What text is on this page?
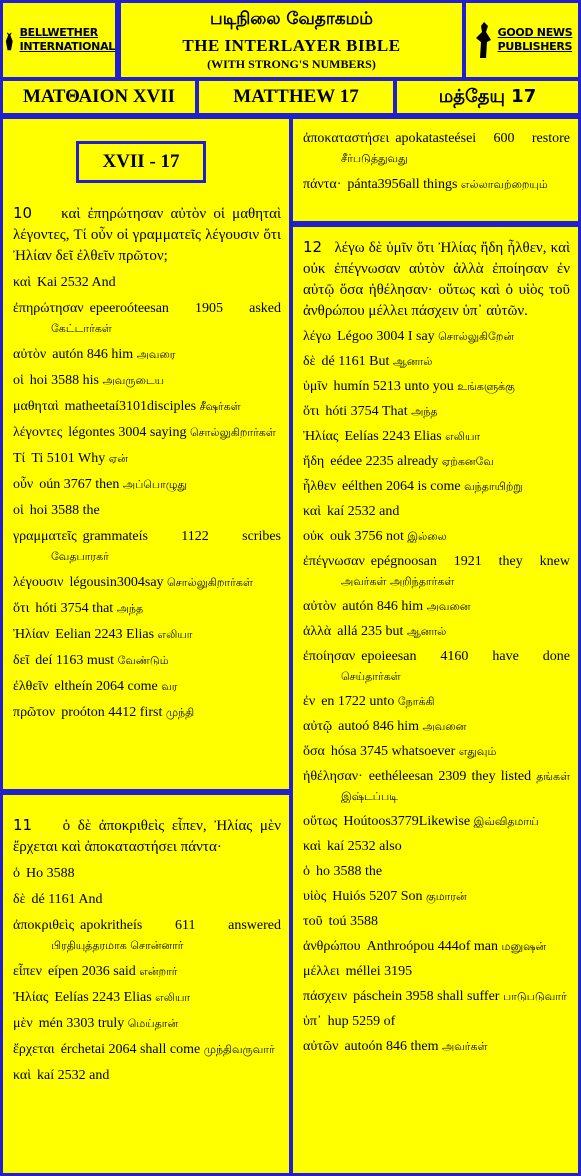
BELLWETHER
INTERNATIONAL
படிநிலை வேதாகமம்
THE INTERLAYER BIBLE
(WITH STRONG'S NUMBERS)
GOOD NEWS
PUBLISHERS
ΜΑΤΘΑΙΟΝ XVII	MATTHEW 17	மத்தேயு 17
XVII - 17
10 καὶ ἐπηρώτησαν αὐτὸν οἱ μαθηταὶ λέγοντες, Τί οὖν οἱ γραμματεῖς λέγουσιν ὅτι Ἠλίαν δεῖ ἐλθεῖν πρῶτον;
καὶ Kai 2532 And
ἐπηρώτησαν epeeroóteesan 1905 asked கேட்டார்கள்
αὐτὸν autón 846 him அவரை
οἱ hoi 3588 his அவருடைய
μαθηταὶ matheetaí3101disciples சீஷர்கள்
λέγοντες légontes 3004 saying சொல்லுகிறார்கள்
Τί Ti 5101 Why ஏன்
οὖν oún 3767 then அப்பொழுது
οἱ hoi 3588 the
γραμματεῖς grammateís 1122 scribes வேதபாரகர்
λέγουσιν légousin3004say சொல்லுகிறார்கள்
ὅτι hóti 3754 that அந்த
Ἠλίαν Eelian 2243 Elias எலியா
δεῖ deí 1163 must வேண்டும்
ἐλθεῖν eltheín 2064 come வர
πρῶτον proóton 4412 first முந்தி
11 ὁ δὲ ἀποκριθεὶς εἶπεν, Ἠλίας μὲν ἔρχεται καὶ ἀποκαταστήσει πάντα·
ὁ Ho 3588
δὲ dé 1161 And
ἀποκριθεὶς apokritheís 611 answered பிரதியுத்தரமாக சொன்னார்
εἶπεν eípen 2036 said என்றார்
Ἠλίας Eelías 2243 Elias எலியா
μὲν mén 3303 truly மெய்தான்
ἔρχεται érchetai 2064 shall come முந்திவருவார்
καὶ kaí 2532 and
ἀποκαταστήσει apokatasteései 600 restore சீர்படுத்துவது
πάντα· pánta3956all things எல்லாவற்றையும்
12 λέγω δὲ ὑμῖν ὅτι Ἠλίας ἤδη ἦλθεν, καὶ οὐκ ἐπέγνωσαν αὐτὸν ἀλλὰ ἐποίησαν ἐν αὐτῷ ὅσα ἠθέλησαν· οὕτως καὶ ὁ υἱὸς τοῦ ἀνθρώπου μέλλει πάσχειν ὑπ᾽ αὐτῶν.
λέγω Légoo 3004 I say சொல்லுகிறேன்
δὲ dé 1161 But ஆனால்
ὑμῖν humín 5213 unto you உங்களுக்கு
ὅτι hóti 3754 That அந்த
Ἠλίας Eelías 2243 Elias எலியா
ἤδη eédee 2235 already ஏற்கனவே
ἦλθεν eélthen 2064 is come வந்தாயிற்று
καὶ kaí 2532 and
οὐκ ouk 3756 not இல்லை
ἐπέγνωσαν epégnoosan 1921 they knew அவர்கள் அறிந்தார்கள்
αὐτὸν autón 846 him அவனை
ἀλλὰ allá 235 but ஆனால்
ἐποίησαν epoieesan 4160 have done செய்தார்கள்
ἐν en 1722 unto நோக்கி
αὐτῷ autoó 846 him அவனை
ὅσα hósa 3745 whatsoever எதுவும்
ἠθέλησαν· eethéleesan 2309 they listed தங்கள் இஷ்டப்படி
οὕτως Hoútoos3779Likewise இவ்விதமாய்
καὶ kaí 2532 also
ὁ ho 3588 the
υἱὸς Huiós 5207 Son குமாரன்
τοῦ toú 3588
ἀνθρώπου Anthroópou 444of man மனுஷன்
μέλλει méllei 3195
πάσχειν páschein 3958 shall suffer பாடுபடுவார்
ὑπ᾽ hup 5259 of
αὐτῶν autoón 846 them அவர்கள்
